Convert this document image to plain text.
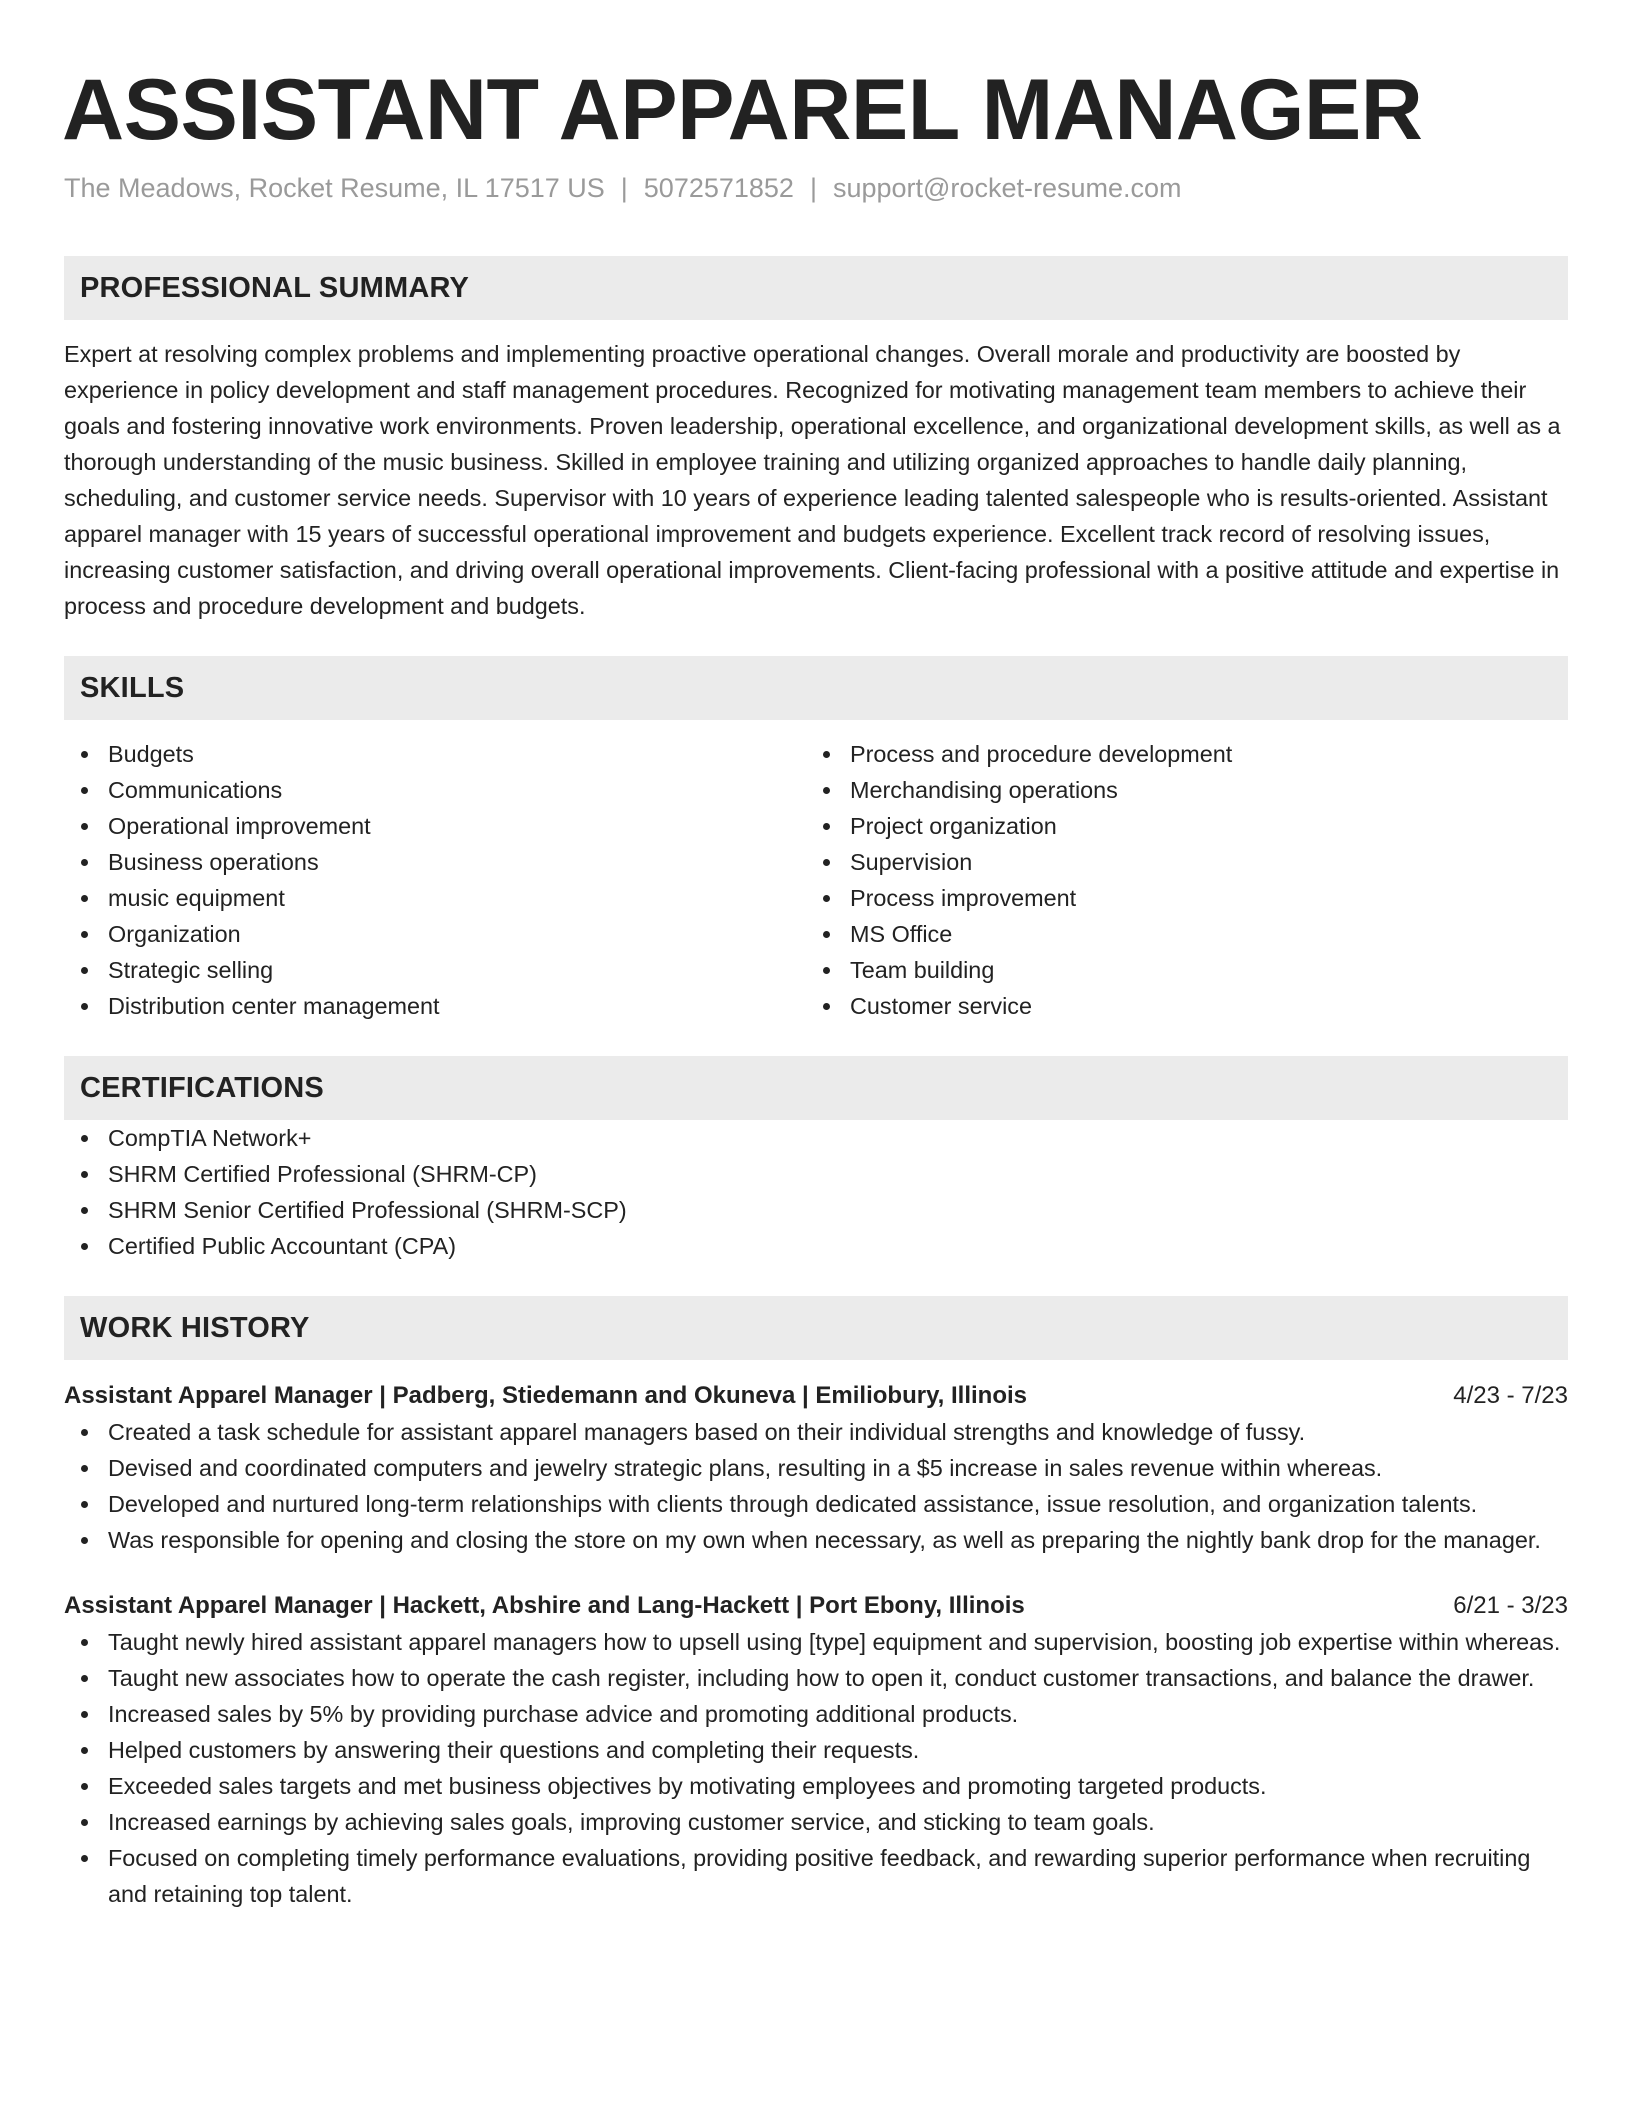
ASSISTANT APPAREL MANAGER
The Meadows, Rocket Resume, IL 17517 US | 5072571852 | support@rocket-resume.com
PROFESSIONAL SUMMARY

Expert at resolving complex problems and implementing proactive operational changes. Overall morale and productivity are boosted by experience in policy development and staff management procedures. Recognized for motivating management team members to achieve their goals and fostering innovative work environments. Proven leadership, operational excellence, and organizational development skills, as well as a thorough understanding of the music business. Skilled in employee training and utilizing organized approaches to handle daily planning, scheduling, and customer service needs. Supervisor with 10 years of experience leading talented salespeople who is results-oriented. Assistant apparel manager with 15 years of successful operational improvement and budgets experience. Excellent track record of resolving issues, increasing customer satisfaction, and driving overall operational improvements. Client-facing professional with a positive attitude and expertise in process and procedure development and budgets.

SKILLS
Budgets
Communications
Operational improvement
Business operations
music equipment
Organization
Strategic selling
Distribution center management
Process and procedure development
Merchandising operations
Project organization
Supervision
Process improvement
MS Office
Team building
Customer service
CERTIFICATIONS
CompTIA Network+
SHRM Certified Professional (SHRM-CP)
SHRM Senior Certified Professional (SHRM-SCP)
Certified Public Accountant (CPA)
WORK HISTORY
Assistant Apparel Manager | Padberg, Stiedemann and Okuneva | Emiliobury, Illinois	4/23 - 7/23
Created a task schedule for assistant apparel managers based on their individual strengths and knowledge of fussy.
Devised and coordinated computers and jewelry strategic plans, resulting in a $5 increase in sales revenue within whereas.
Developed and nurtured long-term relationships with clients through dedicated assistance, issue resolution, and organization talents.
Was responsible for opening and closing the store on my own when necessary, as well as preparing the nightly bank drop for the manager.
Assistant Apparel Manager | Hackett, Abshire and Lang-Hackett | Port Ebony, Illinois	6/21 - 3/23
Taught newly hired assistant apparel managers how to upsell using [type] equipment and supervision, boosting job expertise within whereas.
Taught new associates how to operate the cash register, including how to open it, conduct customer transactions, and balance the drawer.
Increased sales by 5% by providing purchase advice and promoting additional products.
Helped customers by answering their questions and completing their requests.
Exceeded sales targets and met business objectives by motivating employees and promoting targeted products.
Increased earnings by achieving sales goals, improving customer service, and sticking to team goals.
Focused on completing timely performance evaluations, providing positive feedback, and rewarding superior performance when recruiting and retaining top talent.
